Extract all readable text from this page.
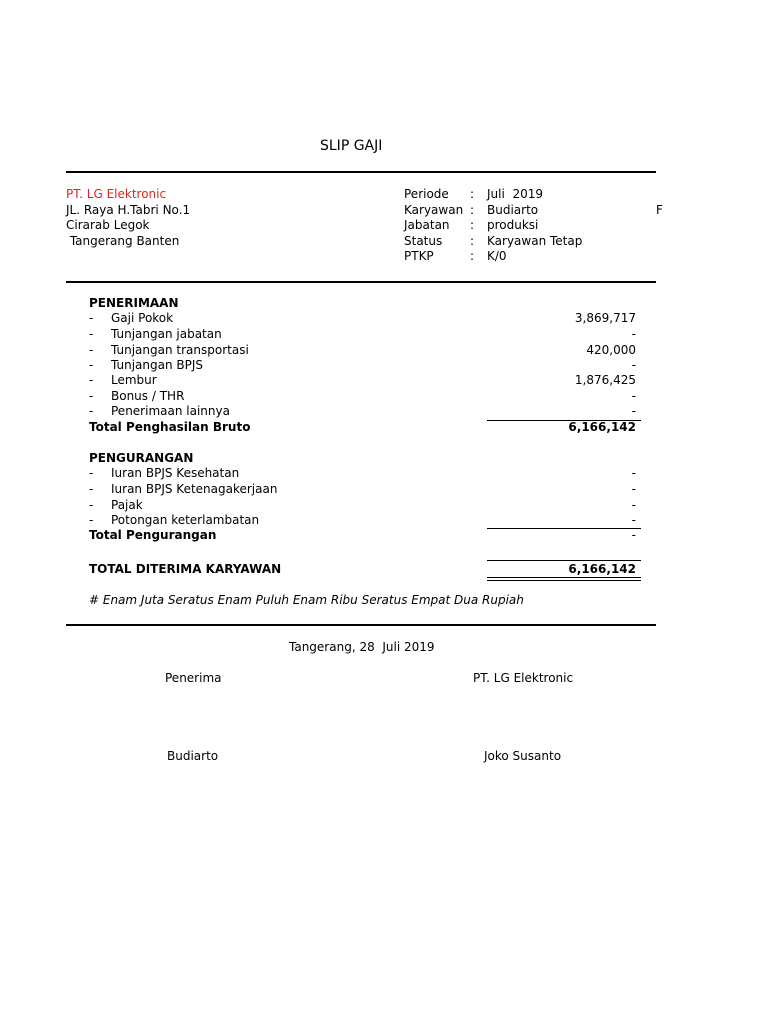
SLIP GAJI
PT. LG Elektronic
JL. Raya H.Tabri No.1
Cirarab Legok
Tangerang Banten
Periode : Juli  2019
Karyawan : Budiarto
Jabatan : produksi
Status : Karyawan Tetap
PTKP	: K/0
F
PENERIMAAN
- Gaji Pokok	3,869,717
- Tunjangan jabatan	-
- Tunjangan transportasi	420,000
- Tunjangan BPJS	-
- Lembur	1,876,425
- Bonus / THR	-
- Penerimaan lainnya	-
Total Penghasilan Bruto	6,166,142
PENGURANGAN
- Iuran BPJS Kesehatan	-
- Iuran BPJS Ketenagakerjaan	-
- Pajak	-
- Potongan keterlambatan	-
Total Pengurangan	-
TOTAL DITERIMA KARYAWAN	6,166,142
# Enam Juta Seratus Enam Puluh Enam Ribu Seratus Empat Dua Rupiah
Tangerang, 28  Juli 2019
Penerima	PT. LG Elektronic
Budiarto	Joko Susanto
